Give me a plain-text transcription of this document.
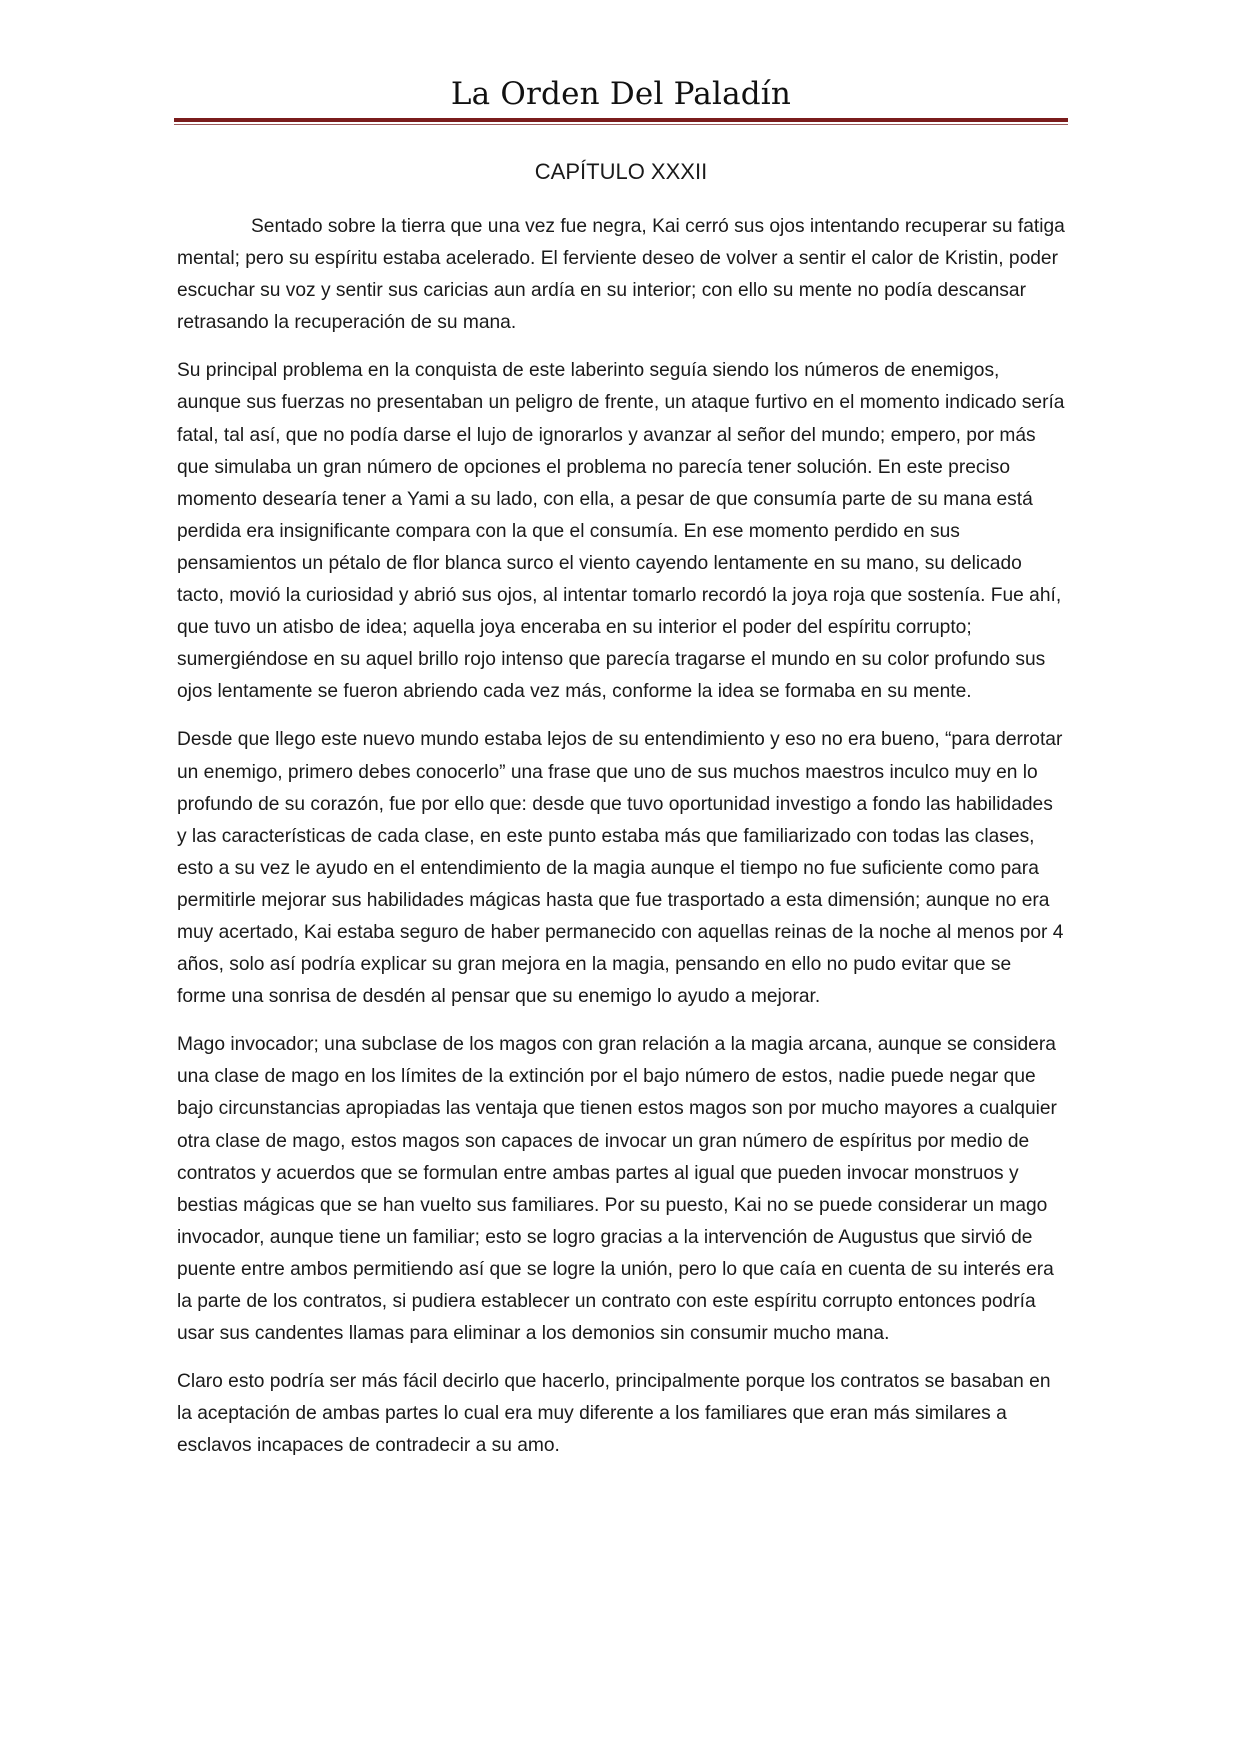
La Orden Del Paladín
CAPÍTULO XXXII

Sentado sobre la tierra que una vez fue negra, Kai cerró sus ojos intentando recuperar su fatiga mental; pero su espíritu estaba acelerado. El ferviente deseo de volver a sentir el calor de Kristin, poder escuchar su voz y sentir sus caricias aun ardía en su interior; con ello su mente no podía descansar retrasando la recuperación de su mana.

Su principal problema en la conquista de este laberinto seguía siendo los números de enemigos, aunque sus fuerzas no presentaban un peligro de frente, un ataque furtivo en el momento indicado sería fatal, tal así, que no podía darse el lujo de ignorarlos y avanzar al señor del mundo; empero, por más que simulaba un gran número de opciones el problema no parecía tener solución. En este preciso momento desearía tener a Yami a su lado, con ella, a pesar de que consumía parte de su mana está perdida era insignificante compara con la que el consumía. En ese momento perdido en sus pensamientos un pétalo de flor blanca surco el viento cayendo lentamente en su mano, su delicado tacto, movió la curiosidad y abrió sus ojos, al intentar tomarlo recordó la joya roja que sostenía. Fue ahí, que tuvo un atisbo de idea; aquella joya enceraba en su interior el poder del espíritu corrupto; sumergiéndose en su aquel brillo rojo intenso que parecía tragarse el mundo en su color profundo sus ojos lentamente se fueron abriendo cada vez más, conforme la idea se formaba en su mente.

Desde que llego este nuevo mundo estaba lejos de su entendimiento y eso no era bueno, “para derrotar un enemigo, primero debes conocerlo” una frase que uno de sus muchos maestros inculco muy en lo profundo de su corazón, fue por ello que: desde que tuvo oportunidad investigo a fondo las habilidades y las características de cada clase, en este punto estaba más que familiarizado con todas las clases, esto a su vez le ayudo en el entendimiento de la magia aunque el tiempo no fue suficiente como para permitirle mejorar sus habilidades mágicas hasta que fue trasportado a esta dimensión; aunque no era muy acertado, Kai estaba seguro de haber permanecido con aquellas reinas de la noche al menos por 4 años, solo así podría explicar su gran mejora en la magia, pensando en ello no pudo evitar que se forme una sonrisa de desdén al pensar que su enemigo lo ayudo a mejorar.

Mago invocador; una subclase de los magos con gran relación a la magia arcana, aunque se considera una clase de mago en los límites de la extinción por el bajo número de estos, nadie puede negar que bajo circunstancias apropiadas las ventaja que tienen estos magos son por mucho mayores a cualquier otra clase de mago, estos magos son capaces de invocar un gran número de espíritus por medio de contratos y acuerdos que se formulan entre ambas partes al igual que pueden invocar monstruos y bestias mágicas que se han vuelto sus familiares. Por su puesto, Kai no se puede considerar un mago invocador, aunque tiene un familiar; esto se logro gracias a la intervención de Augustus que sirvió de puente entre ambos permitiendo así que se logre la unión, pero lo que caía en cuenta de su interés era la parte de los contratos, si pudiera establecer un contrato con este espíritu corrupto entonces podría usar sus candentes llamas para eliminar a los demonios sin consumir mucho mana.

Claro esto podría ser más fácil decirlo que hacerlo, principalmente porque los contratos se basaban en la aceptación de ambas partes lo cual era muy diferente a los familiares que eran más similares a esclavos incapaces de contradecir a su amo.
